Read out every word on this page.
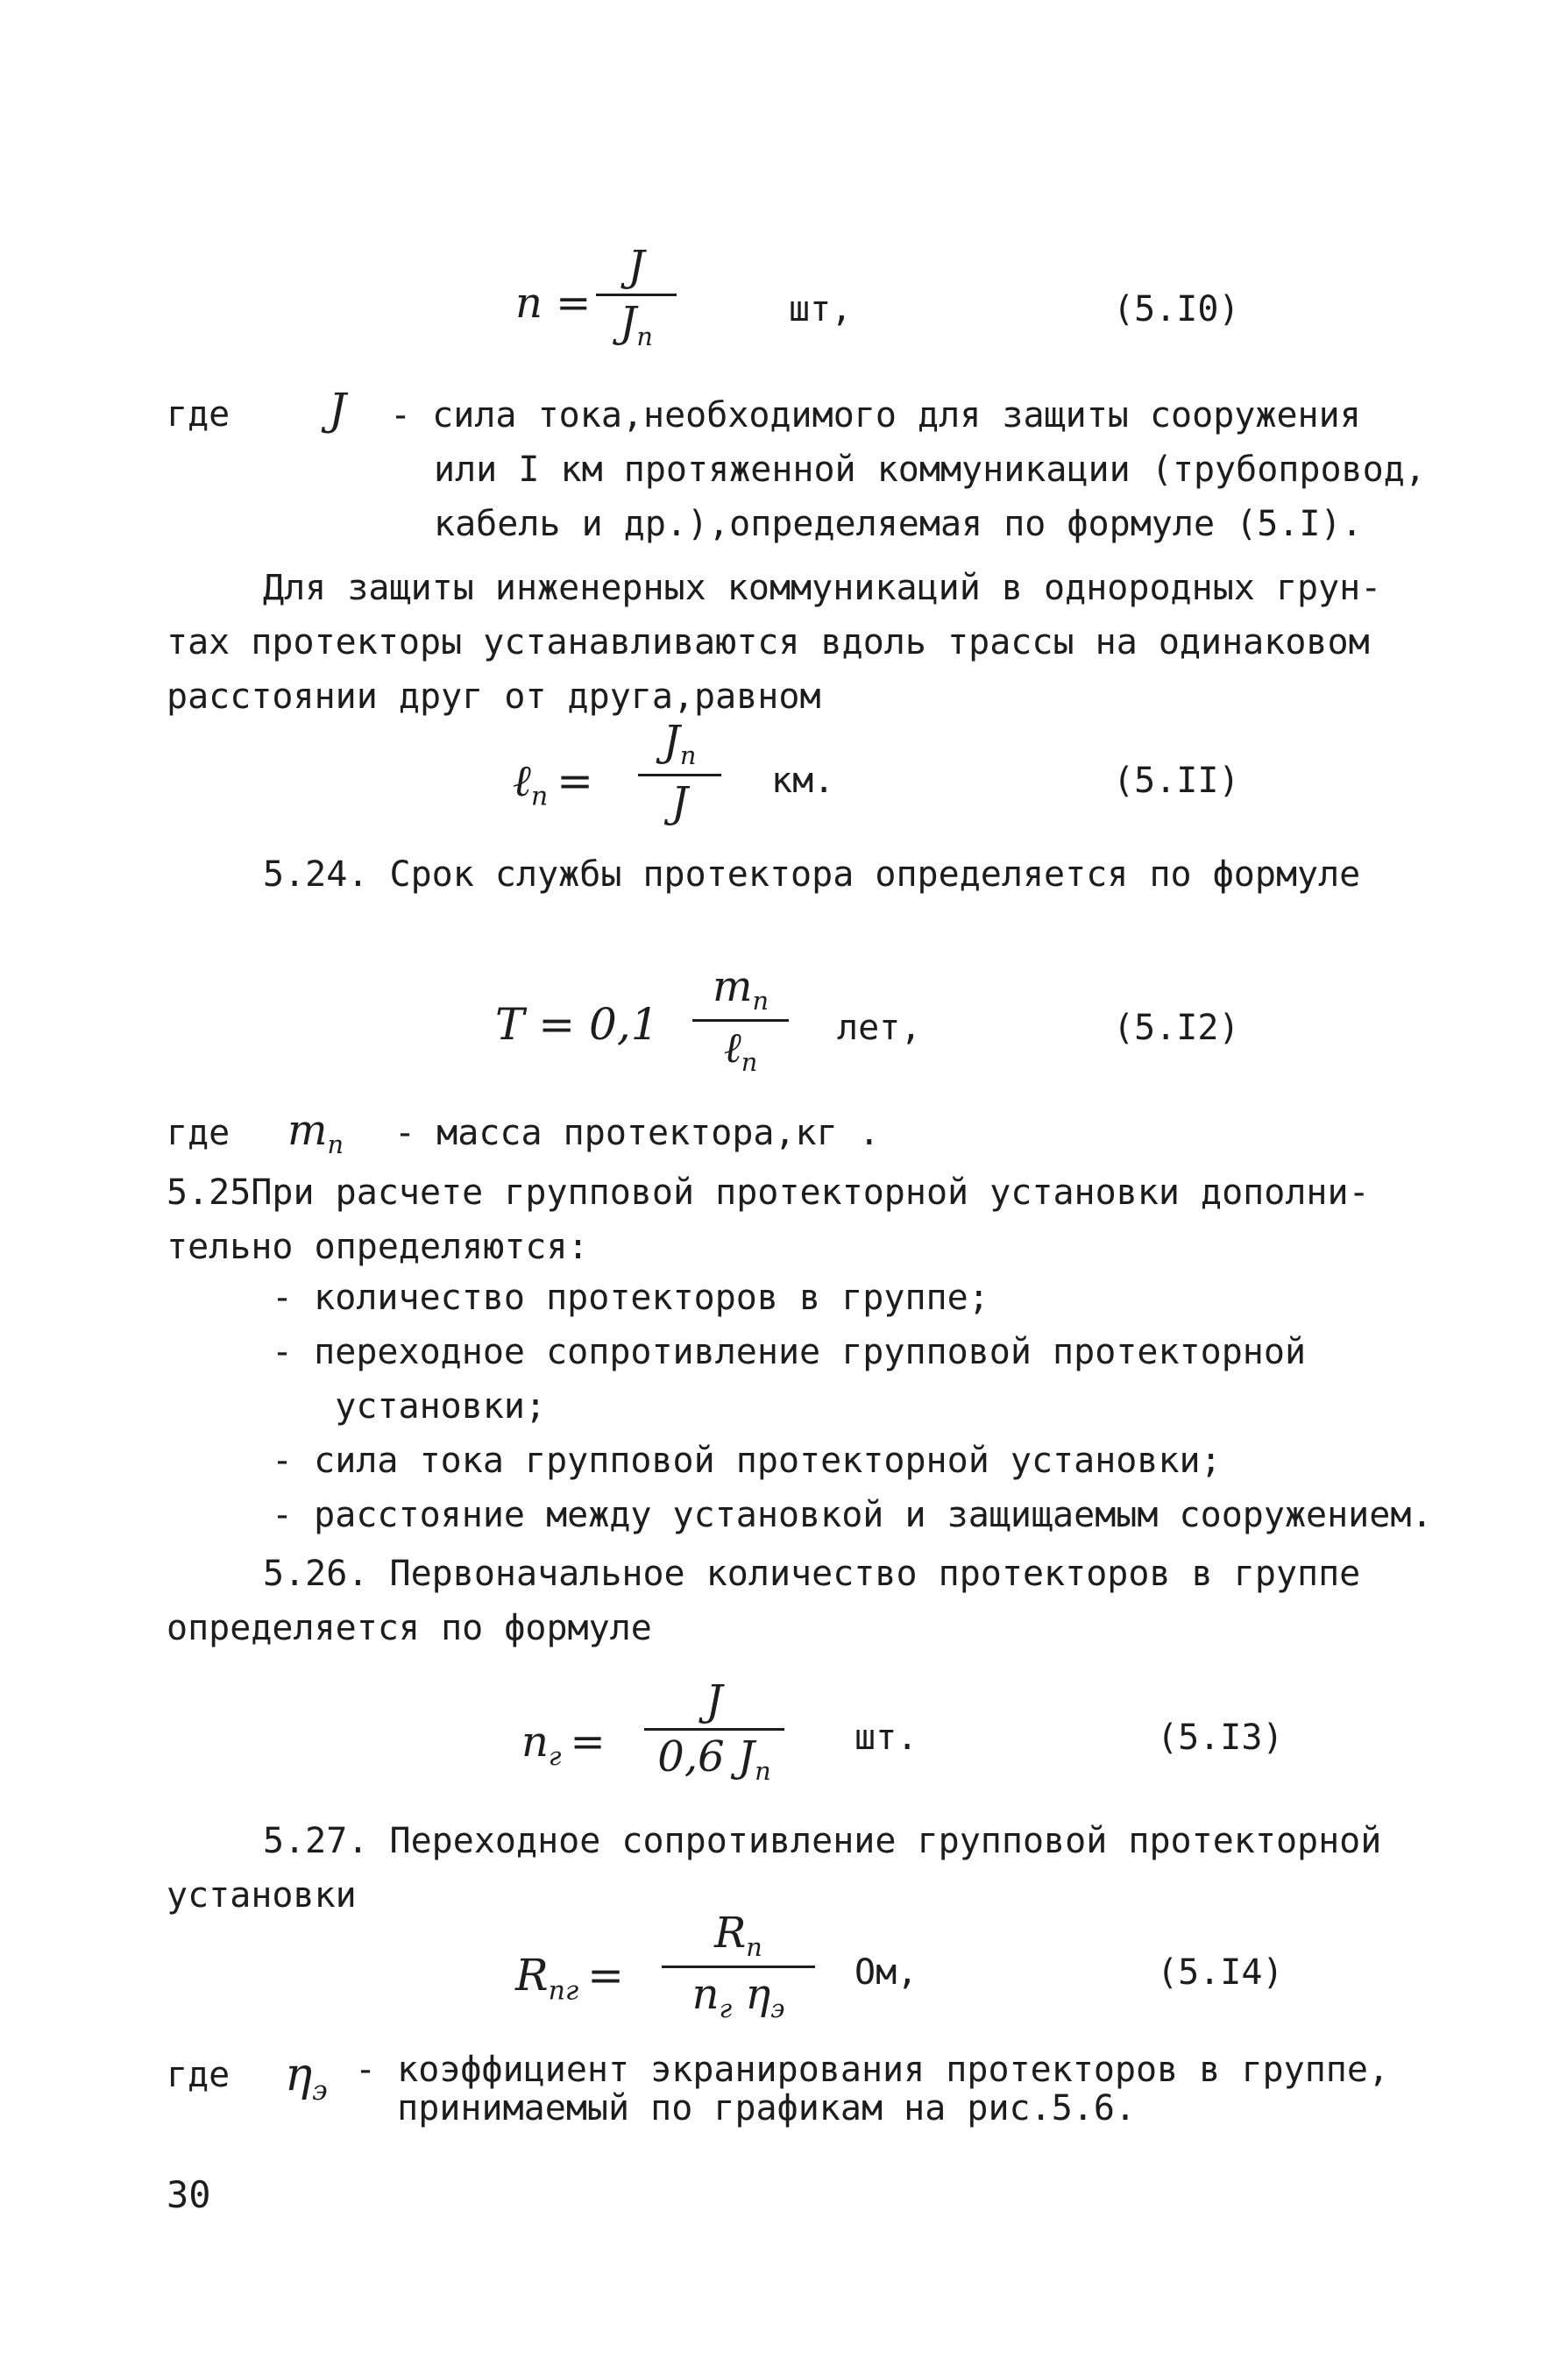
n =
J
$J_п$
шт,	(5.I0)
где J - сила тока,необходимого для защиты сооружения
или I км протяженной коммуникации (трубопровод,
кабель и др.),определяемая по формуле (5.I).
Для защиты инженерных коммуникаций в однородных грун-
тах протекторы устанавливаются вдоль трассы на одинаковом
расстоянии друг от друга,равном
ℓ$_п$ =
$J_п$
J	км.	(5.II)
5.24. Срок службы протектора определяется по формуле
T = 0,1
$m_п$
ℓ$_п$
лет,	(5.I2)
где $m_п$ - масса протектора,кг .
5.25При расчете групповой протекторной установки дополни-
тельно определяются:
- количество протекторов в группе;
- переходное сопротивление групповой протекторной
установки;
- сила тока групповой протекторной установки;
- расстояние между установкой и защищаемым сооружением.
5.26. Первоначальное количество протекторов в группе
определяется по формуле
$n_г$ =
J
0,6 $J_п$
шт.	(5.I3)
5.27. Переходное сопротивление групповой протекторной
установки
$R_{пг}$ =
$R_п$
$n_г$ $\eta_э$
Ом,	(5.I4)
где $\eta_э$
- коэффициент экранирования протекторов в группе,
принимаемый по графикам на рис.5.6.
30
